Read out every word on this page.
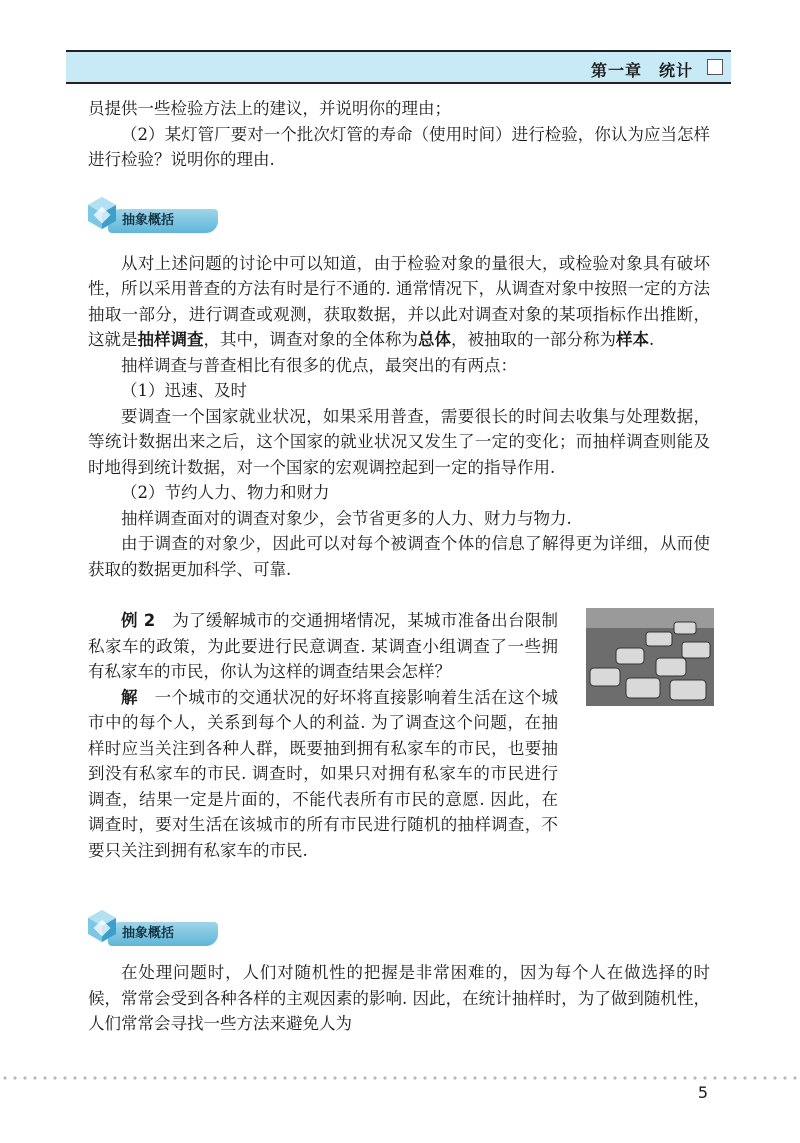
第一章　统计

员提供一些检验方法上的建议，并说明你的理由；

（2）某灯管厂要对一个批次灯管的寿命（使用时间）进行检验，你认为应当怎样进行检验？说明你的理由.

抽象概括

从对上述问题的讨论中可以知道，由于检验对象的量很大，或检验对象具有破坏性，所以采用普查的方法有时是行不通的. 通常情况下，从调查对象中按照一定的方法抽取一部分，进行调查或观测，获取数据，并以此对调查对象的某项指标作出推断，这就是抽样调查，其中，调查对象的全体称为总体，被抽取的一部分称为样本.

抽样调查与普查相比有很多的优点，最突出的有两点：

（1）迅速、及时

要调查一个国家就业状况，如果采用普查，需要很长的时间去收集与处理数据，等统计数据出来之后，这个国家的就业状况又发生了一定的变化；而抽样调查则能及时地得到统计数据，对一个国家的宏观调控起到一定的指导作用.

（2）节约人力、物力和财力

抽样调查面对的调查对象少，会节省更多的人力、财力与物力.

由于调查的对象少，因此可以对每个被调查个体的信息了解得更为详细，从而使获取的数据更加科学、可靠.

例 2　 为了缓解城市的交通拥堵情况，某城市准备出台限制私家车的政策，为此要进行民意调查. 某调查小组调查了一些拥有私家车的市民，你认为这样的调查结果会怎样？

解　 一个城市的交通状况的好坏将直接影响着生活在这个城市中的每个人，关系到每个人的利益. 为了调查这个问题，在抽样时应当关注到各种人群，既要抽到拥有私家车的市民，也要抽到没有私家车的市民. 调查时，如果只对拥有私家车的市民进行调查，结果一定是片面的，不能代表所有市民的意愿. 因此，在调查时，要对生活在该城市的所有市民进行随机的抽样调查，不要只关注到拥有私家车的市民.

抽象概括

在处理问题时，人们对随机性的把握是非常困难的，因为每个人在做选择的时候，常常会受到各种各样的主观因素的影响. 因此，在统计抽样时，为了做到随机性，人们常常会寻找一些方法来避免人为

5
